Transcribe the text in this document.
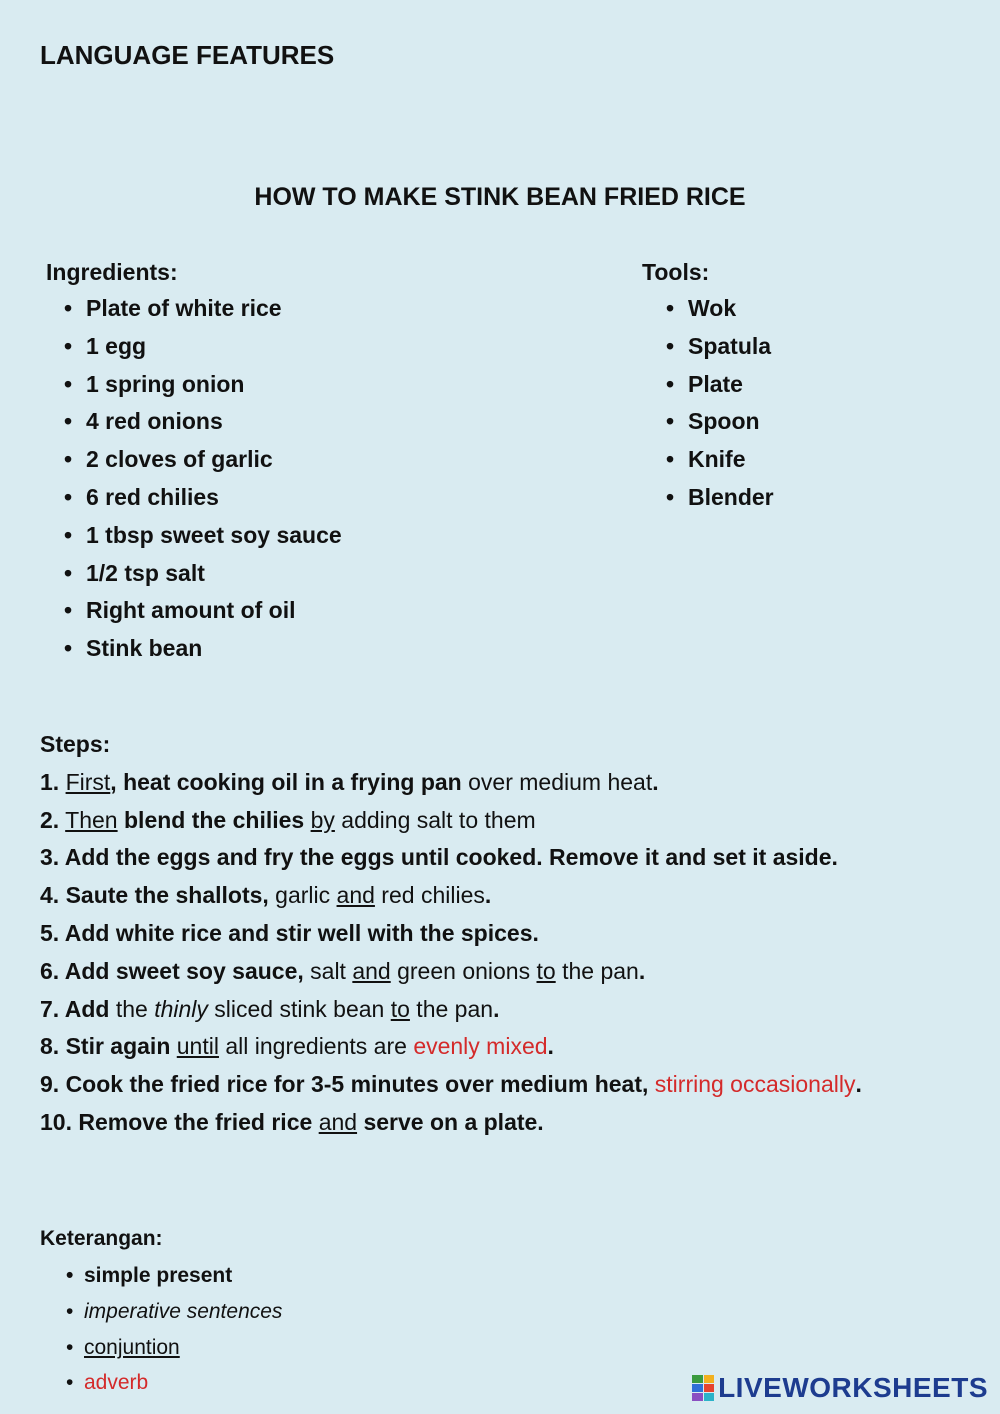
LANGUAGE FEATURES
HOW TO MAKE STINK BEAN FRIED RICE
Ingredients:
• Plate of white rice
• 1 egg
• 1 spring onion
• 4 red onions
• 2 cloves of garlic
• 6 red chilies
• 1 tbsp sweet soy sauce
• 1/2 tsp salt
• Right amount of oil
• Stink bean
Tools:
• Wok
• Spatula
• Plate
• Spoon
• Knife
• Blender
Steps:
1. First, heat cooking oil in a frying pan over medium heat.
2. Then blend the chilies by adding salt to them
3. Add the eggs and fry the eggs until cooked. Remove it and set it aside.
4. Saute the shallots, garlic and red chilies.
5. Add white rice and stir well with the spices.
6. Add sweet soy sauce, salt and green onions to the pan.
7. Add the thinly sliced stink bean to the pan.
8. Stir again until all ingredients are evenly mixed.
9. Cook the fried rice for 3-5 minutes over medium heat, stirring occasionally.
10. Remove the fried rice and serve on a plate.
Keterangan:
• simple present
• imperative sentences
• conjuntion
• adverb	LIVEWORKSHEETS
